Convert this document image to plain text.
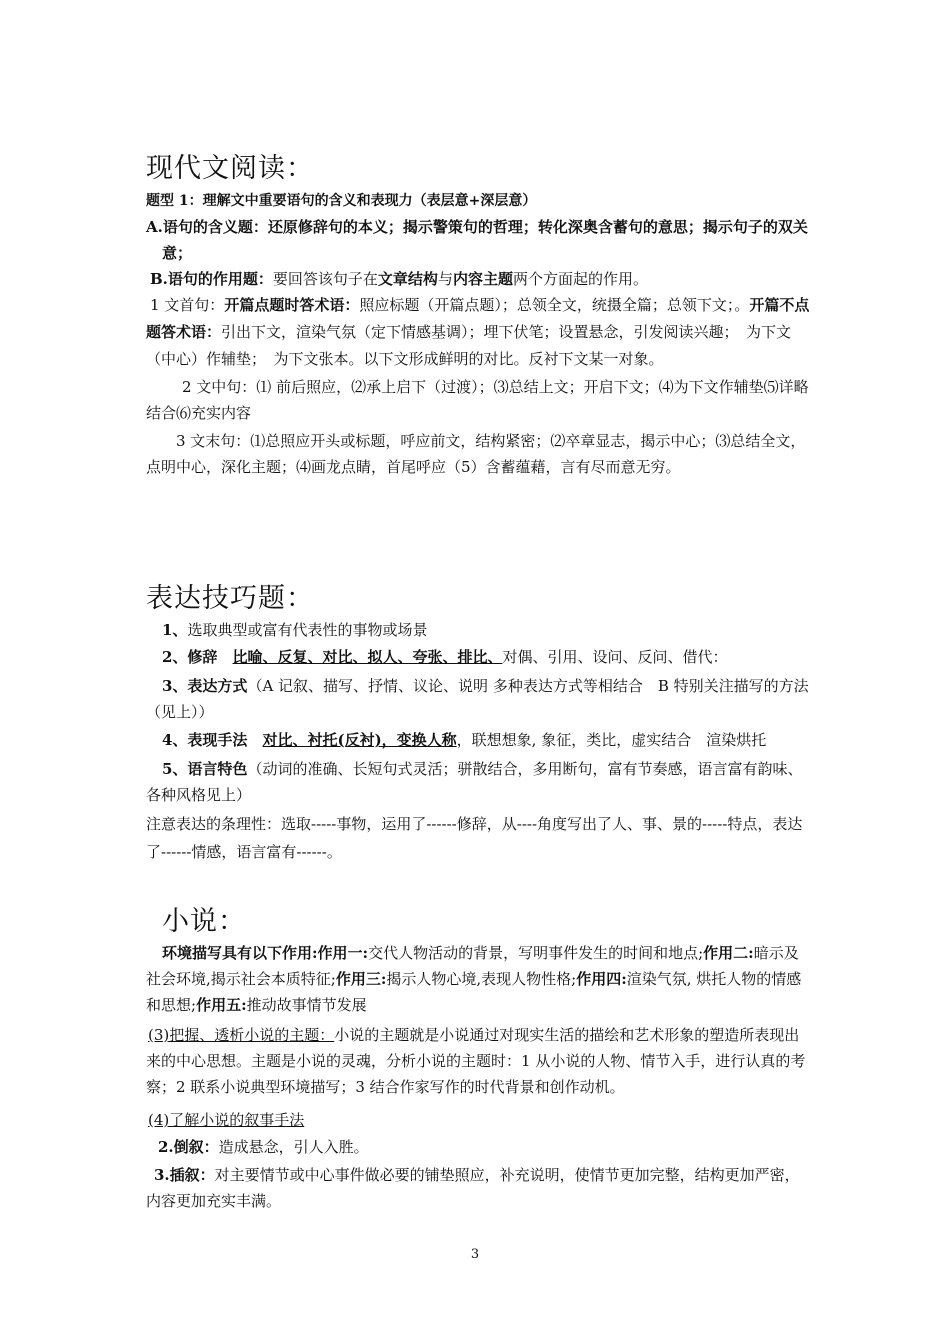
现代文阅读：

题型 1：理解文中重要语句的含义和表现力（表层意+深层意）

A.语句的含义题：还原修辞句的本义；揭示警策句的哲理；转化深奥含蓄句的意思；揭示句子的双关意；

B.语句的作用题：要回答该句子在文章结构与内容主题两个方面起的作用。

1 文首句：开篇点题时答术语：照应标题（开篇点题）；总领全文，统摄全篇；总领下文；。开篇不点题答术语：引出下文，渲染气氛（定下情感基调）；埋下伏笔；设置悬念，引发阅读兴趣；　为下文（中心）作辅垫；　为下文张本。以下文形成鲜明的对比。反衬下文某一对象。

2 文中句：⑴ 前后照应，⑵承上启下（过渡）；⑶总结上文；开启下文；⑷为下文作辅垫⑸详略结合⑹充实内容

3 文末句：⑴总照应开头或标题，呼应前文，结构紧密；⑵卒章显志，揭示中心；⑶总结全文，点明中心，深化主题；⑷画龙点睛，首尾呼应（5）含蓄蕴藉，言有尽而意无穷。

表达技巧题：

1、选取典型或富有代表性的事物或场景

2、修辞　 比喻、反复、对比、拟人、夸张、排比、对偶、引用、设问、反问、借代：

3、表达方式（A 记叙、描写、抒情、议论、说明 多种表达方式等相结合　B 特别关注描写的方法（见上））

4、表现手法　 对比、衬托(反衬)，变换人称，联想想象, 象征，类比，虚实结合　渲染烘托

5、语言特色（动词的准确、长短句式灵活；骈散结合，多用断句，富有节奏感，语言富有韵味、各种风格见上）

注意表达的条理性：选取-----事物，运用了------修辞，从----角度写出了人、事、景的-----特点，表达了------情感，语言富有------。

小说：

环境描写具有以下作用:作用一:交代人物活动的背景，写明事件发生的时间和地点;作用二:暗示及社会环境,揭示社会本质特征;作用三:揭示人物心境,表现人物性格;作用四:渲染气氛, 烘托人物的情感和思想;作用五:推动故事情节发展

(3)把握、透析小说的主题：小说的主题就是小说通过对现实生活的描绘和艺术形象的塑造所表现出来的中心思想。主题是小说的灵魂，分析小说的主题时：1 从小说的人物、情节入手，进行认真的考察；2 联系小说典型环境描写；3 结合作家写作的时代背景和创作动机。

(4)了解小说的叙事手法

2.倒叙：造成悬念，引人入胜。

3.插叙：对主要情节或中心事件做必要的铺垫照应，补充说明，使情节更加完整，结构更加严密，内容更加充实丰满。

3
